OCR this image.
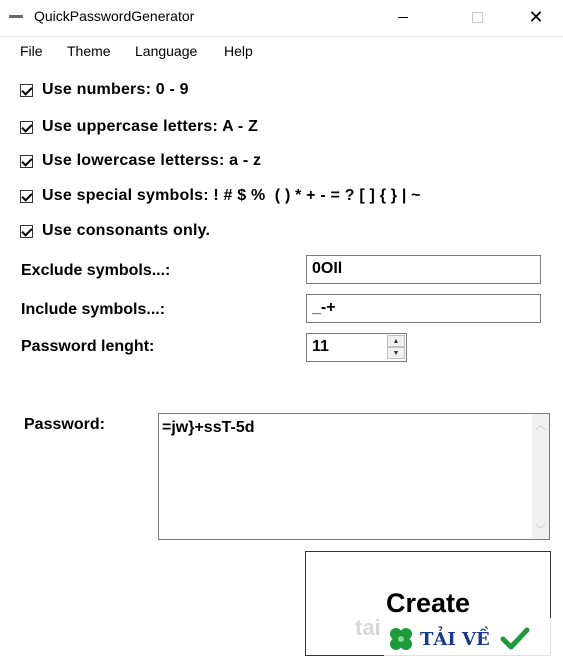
QuickPasswordGenerator	✕
File Theme Language Help
Use numbers: 0 - 9
Use uppercase letters: A - Z
Use lowercase letterss: a - z
Use special symbols: ! # $ %  ( ) * + - = ? [ ] { } | ~
Use consonants only.
Exclude symbols...:	0OIl
Include symbols...:	_-+
Password lenght:	11	▲
▼
Password:	=jw}+ssT-5d	︿
﹀
Create
tai TẢI VỀ
